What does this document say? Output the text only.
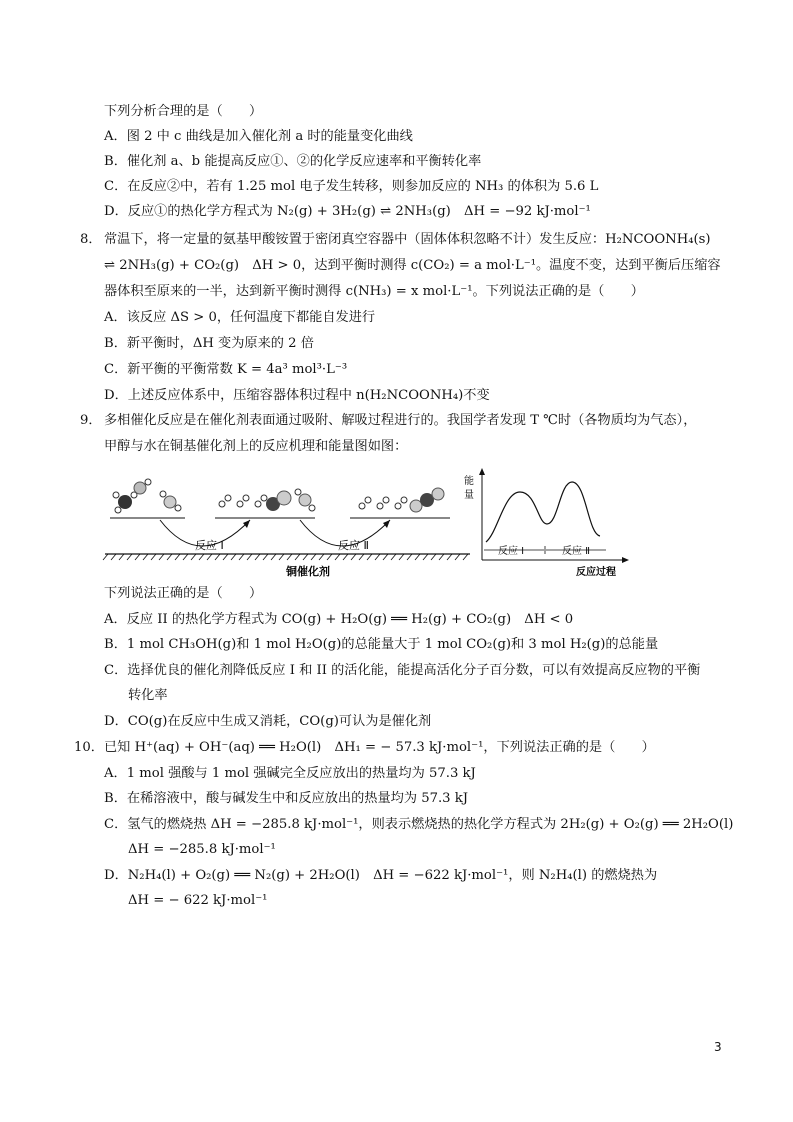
下列分析合理的是（　　）
A．图 2 中 c 曲线是加入催化剂 a 时的能量变化曲线
B．催化剂 a、b 能提高反应①、②的化学反应速率和平衡转化率
C．在反应②中，若有 1.25 mol 电子发生转移，则参加反应的 NH₃ 的体积为 5.6 L
D．反应①的热化学方程式为 N₂(g) + 3H₂(g) ⇌ 2NH₃(g)　ΔH = −92 kJ·mol⁻¹
8． 常温下，将一定量的氨基甲酸铵置于密闭真空容器中（固体体积忽略不计）发生反应：H₂NCOONH₄(s)
⇌ 2NH₃(g) + CO₂(g)　ΔH > 0，达到平衡时测得 c(CO₂) = a mol·L⁻¹。温度不变，达到平衡后压缩容
器体积至原来的一半，达到新平衡时测得 c(NH₃) = x mol·L⁻¹。下列说法正确的是（　　）
A．该反应 ΔS > 0，任何温度下都能自发进行
B．新平衡时，ΔH 变为原来的 2 倍
C．新平衡的平衡常数 K = 4a³ mol³·L⁻³
D．上述反应体系中，压缩容器体积过程中 n(H₂NCOONH₄)不变
9． 多相催化反应是在催化剂表面通过吸附、解吸过程进行的。我国学者发现 T ℃时（各物质均为气态），
甲醇与水在铜基催化剂上的反应机理和能量图如图：
铜催化剂
反应 Ⅰ	反应 Ⅱ	反应 Ⅰ	反应 Ⅱ
能
量
反应过程
下列说法正确的是（　　）
A．反应 II 的热化学方程式为 CO(g) + H₂O(g) ══ H₂(g) + CO₂(g)　ΔH < 0
B．1 mol CH₃OH(g)和 1 mol H₂O(g)的总能量大于 1 mol CO₂(g)和 3 mol H₂(g)的总能量
C．选择优良的催化剂降低反应 I 和 II 的活化能，能提高活化分子百分数，可以有效提高反应物的平衡
转化率
D．CO(g)在反应中生成又消耗，CO(g)可认为是催化剂
10． 已知 H⁺(aq) + OH⁻(aq) ══ H₂O(l)　ΔH₁ = − 57.3 kJ·mol⁻¹，下列说法正确的是（　　）
A．1 mol 强酸与 1 mol 强碱完全反应放出的热量均为 57.3 kJ
B．在稀溶液中，酸与碱发生中和反应放出的热量均为 57.3 kJ
C．氢气的燃烧热 ΔH = −285.8 kJ·mol⁻¹，则表示燃烧热的热化学方程式为 2H₂(g) + O₂(g) ══ 2H₂O(l)
ΔH = −285.8 kJ·mol⁻¹
D．N₂H₄(l) + O₂(g) ══ N₂(g) + 2H₂O(l)　ΔH = −622 kJ·mol⁻¹，则 N₂H₄(l) 的燃烧热为
ΔH = − 622 kJ·mol⁻¹
3
